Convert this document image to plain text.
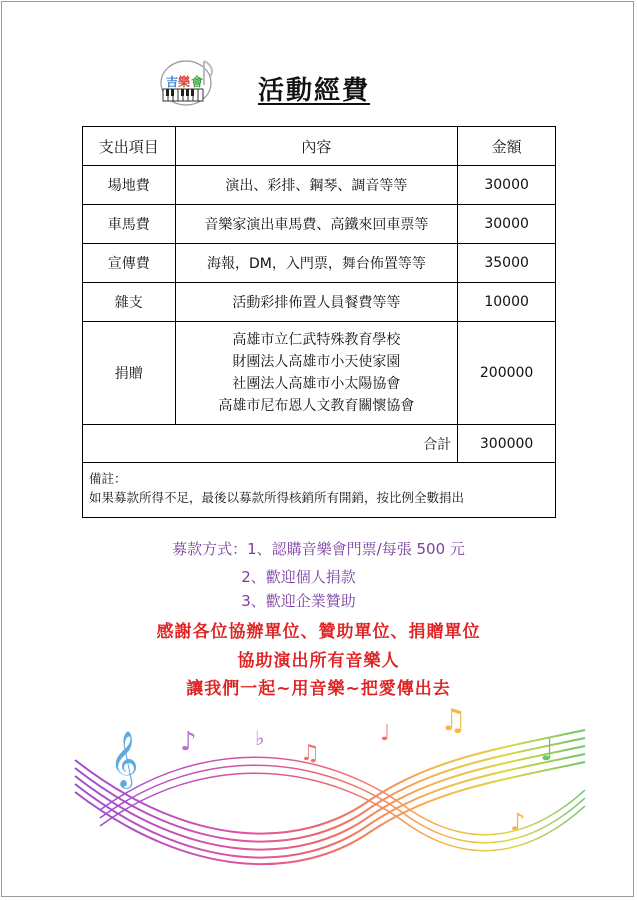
吉 樂 會 活動經費
支出項目	內容	金額
場地費	演出、彩排、鋼琴、調音等等	30000
車馬費	音樂家演出車馬費、高鐵來回車票等	30000
宣傳費	海報，DM，入門票，舞台佈置等等	35000
雜支	活動彩排佈置人員餐費等等	10000
捐贈	高雄市立仁武特殊教育學校
財團法人高雄市小天使家園
社團法人高雄市小太陽協會
高雄市尼布恩人文教育關懷協會	200000
合計		300000

備註：
如果募款所得不足，最後以募款所得核銷所有開銷，按比例全數捐出		
募款方式：1、認購音樂會門票/每張 500 元
2、歡迎個人捐款
3、歡迎企業贊助
感謝各位協辦單位、贊助單位、捐贈單位
協助演出所有音樂人
讓我們一起~用音樂~把愛傳出去
𝄞 ♪	♭
♫
♩ ♫
♪
♩
